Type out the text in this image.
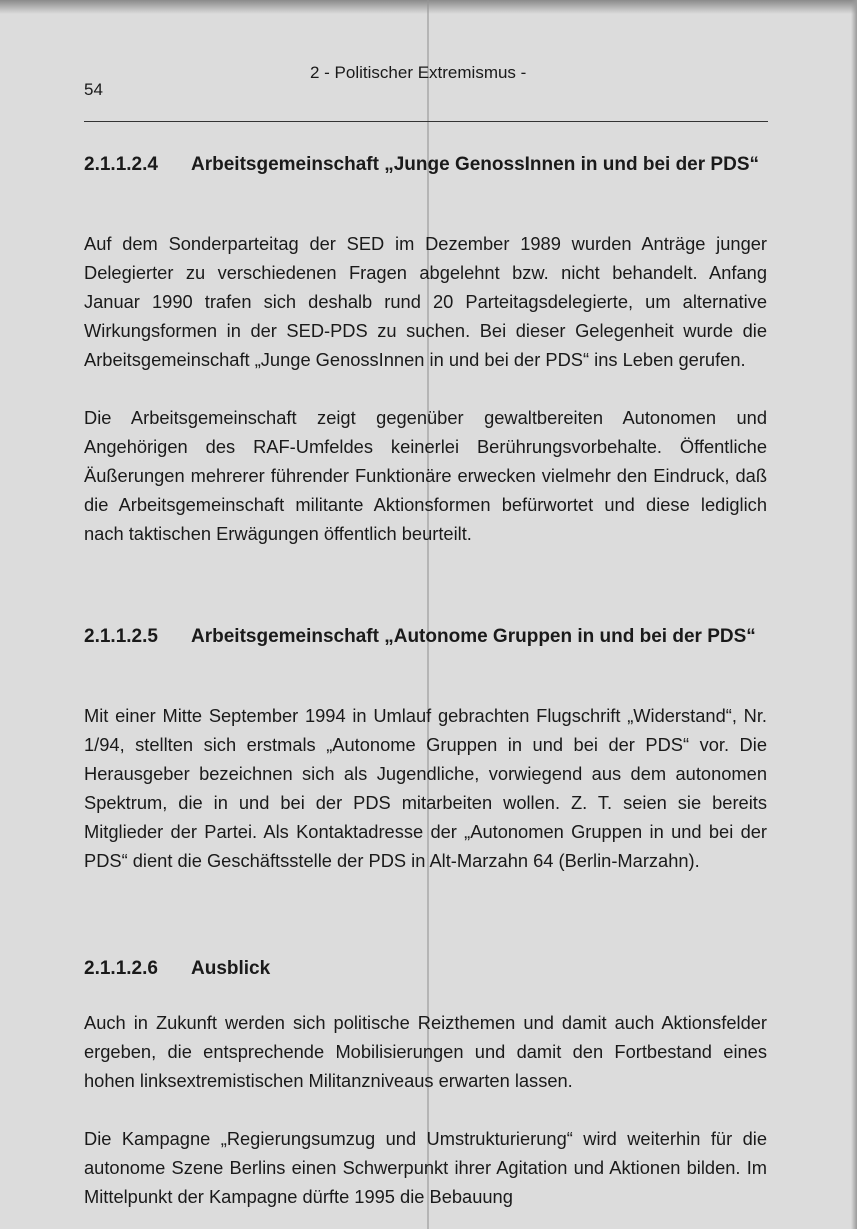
54
2 - Politischer Extremismus -
2.1.1.2.4 Arbeitsgemeinschaft „Junge GenossInnen in und bei der PDS“

Auf dem Sonderparteitag der SED im Dezember 1989 wurden Anträge junger Delegierter zu verschiedenen Fragen abgelehnt bzw. nicht behandelt. Anfang Januar 1990 trafen sich deshalb rund 20 Parteitagsdelegierte, um alternative Wirkungsformen in der SED-PDS zu suchen. Bei dieser Gelegenheit wurde die Arbeitsgemeinschaft „Junge GenossInnen in und bei der PDS“ ins Leben gerufen.

Die Arbeitsgemeinschaft zeigt gegenüber gewaltbereiten Autonomen und Angehörigen des RAF-Umfeldes keinerlei Berührungsvorbehalte. Öffentliche Äußerungen mehrerer führender Funktionäre erwecken vielmehr den Eindruck, daß die Arbeitsgemeinschaft militante Aktionsformen befürwortet und diese lediglich nach taktischen Erwägungen öffentlich beurteilt.

2.1.1.2.5 Arbeitsgemeinschaft „Autonome Gruppen in und bei der PDS“

Mit einer Mitte September 1994 in Umlauf gebrachten Flugschrift „Widerstand“, Nr. 1/94, stellten sich erstmals „Autonome Gruppen in und bei der PDS“ vor. Die Herausgeber bezeichnen sich als Jugendliche, vorwiegend aus dem autonomen Spektrum, die in und bei der PDS mitarbeiten wollen. Z. T. seien sie bereits Mitglieder der Partei. Als Kontaktadresse der „Autonomen Gruppen in und bei der PDS“ dient die Geschäftsstelle der PDS in Alt-Marzahn 64 (Berlin-Marzahn).

2.1.1.2.6 Ausblick

Auch in Zukunft werden sich politische Reizthemen und damit auch Aktionsfelder ergeben, die entsprechende Mobilisierungen und damit den Fortbestand eines hohen linksextremistischen Militanzniveaus erwarten lassen.

Die Kampagne „Regierungsumzug und Umstrukturierung“ wird weiterhin für die autonome Szene Berlins einen Schwerpunkt ihrer Agitation und Aktionen bilden. Im Mittelpunkt der Kampagne dürfte 1995 die Bebauung
